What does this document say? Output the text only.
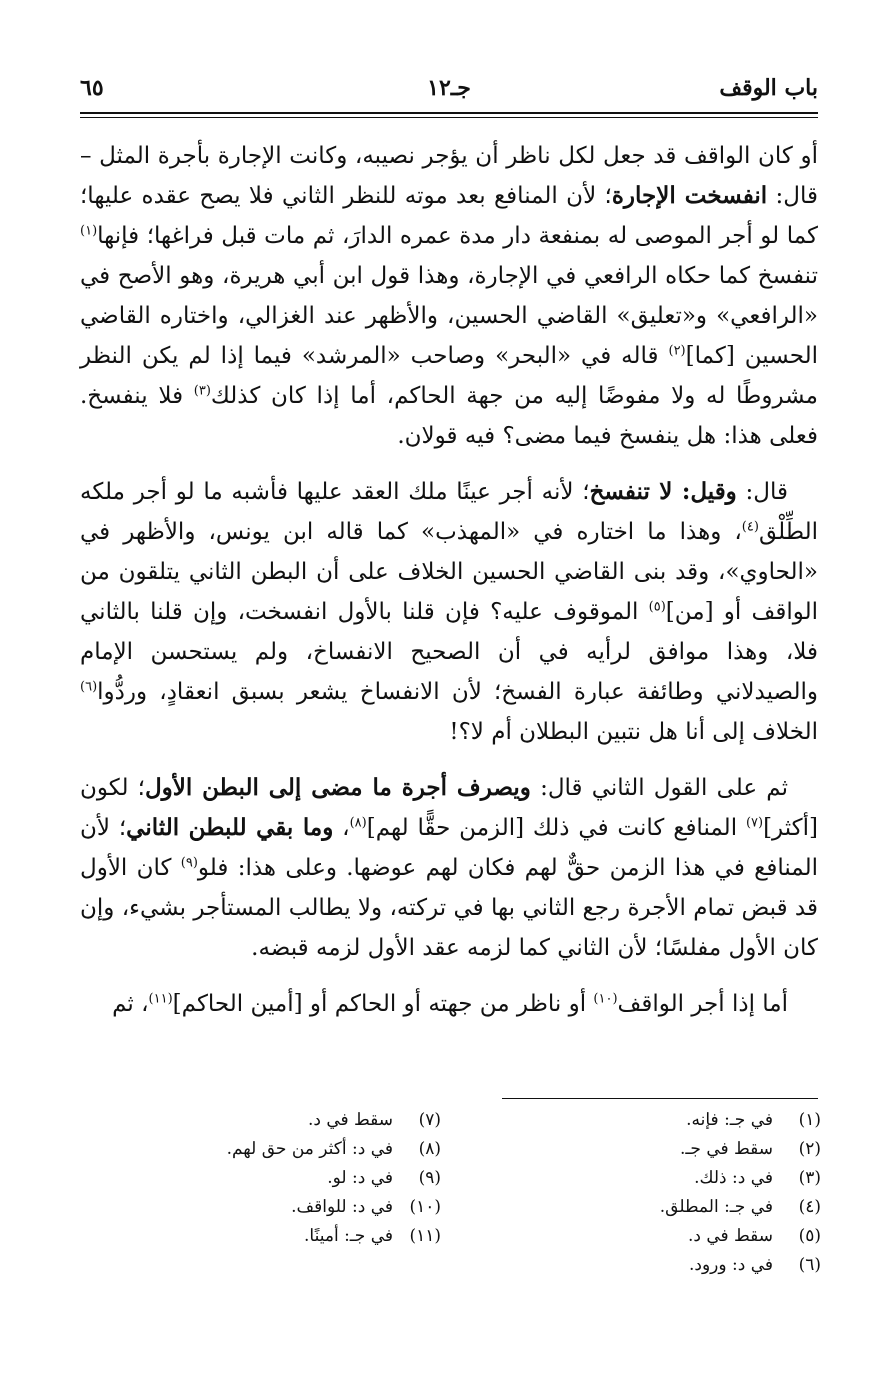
باب الوقف
جـ١٢
٦٥

أو كان الواقف قد جعل لكل ناظر أن يؤجر نصيبه، وكانت الإجارة بأجرة المثل – قال: انفسخت الإجارة؛ لأن المنافع بعد موته للنظر الثاني فلا يصح عقده عليها؛ كما لو أجر الموصى له بمنفعة دار مدة عمره الدارَ، ثم مات قبل فراغها؛ فإنها$^{(١)}$ تنفسخ كما حكاه الرافعي في الإجارة، وهذا قول ابن أبي هريرة، وهو الأصح في «الرافعي» و«تعليق» القاضي الحسين، والأظهر عند الغزالي، واختاره القاضي الحسين [كما]$^{(٢)}$ قاله في «البحر» وصاحب «المرشد» فيما إذا لم يكن النظر مشروطًا له ولا مفوضًا إليه من جهة الحاكم، أما إذا كان كذلك$^{(٣)}$ فلا ينفسخ. فعلى هذا: هل ينفسخ فيما مضى؟ فيه قولان.

قال: وقيل: لا تنفسخ؛ لأنه أجر عينًا ملك العقد عليها فأشبه ما لو أجر ملكه الطِّلْق$^{(٤)}$، وهذا ما اختاره في «المهذب» كما قاله ابن يونس، والأظهر في «الحاوي»، وقد بنى القاضي الحسين الخلاف على أن البطن الثاني يتلقون من الواقف أو [من]$^{(٥)}$ الموقوف عليه؟ فإن قلنا بالأول انفسخت، وإن قلنا بالثاني فلا، وهذا موافق لرأيه في أن الصحيح الانفساخ، ولم يستحسن الإمام والصيدلاني وطائفة عبارة الفسخ؛ لأن الانفساخ يشعر بسبق انعقادٍ، وردُّوا$^{(٦)}$ الخلاف إلى أنا هل نتبين البطلان أم لا؟!

ثم على القول الثاني قال: ويصرف أجرة ما مضى إلى البطن الأول؛ لكون [أكثر]$^{(٧)}$ المنافع كانت في ذلك [الزمن حقًّا لهم]$^{(٨)}$، وما بقي للبطن الثاني؛ لأن المنافع في هذا الزمن حقٌّ لهم فكان لهم عوضها. وعلى هذا: فلو$^{(٩)}$ كان الأول قد قبض تمام الأجرة رجع الثاني بها في تركته، ولا يطالب المستأجر بشيء، وإن كان الأول مفلسًا؛ لأن الثاني كما لزمه عقد الأول لزمه قبضه.

أما إذا أجر الواقف$^{(١٠)}$ أو ناظر من جهته أو الحاكم أو [أمين الحاكم]$^{(١١)}$، ثم

(١)
في جـ: فإنه.
(٢)
سقط في جـ.
(٣)
في د: ذلك.
(٤)
في جـ: المطلق.
(٥)
سقط في د.
(٦)
في د: ورود.
(٧)
سقط في د.
(٨)
في د: أكثر من حق لهم.
(٩)
في د: لو.
(١٠)
في د: للواقف.
(١١)
في جـ: أمينًا.
